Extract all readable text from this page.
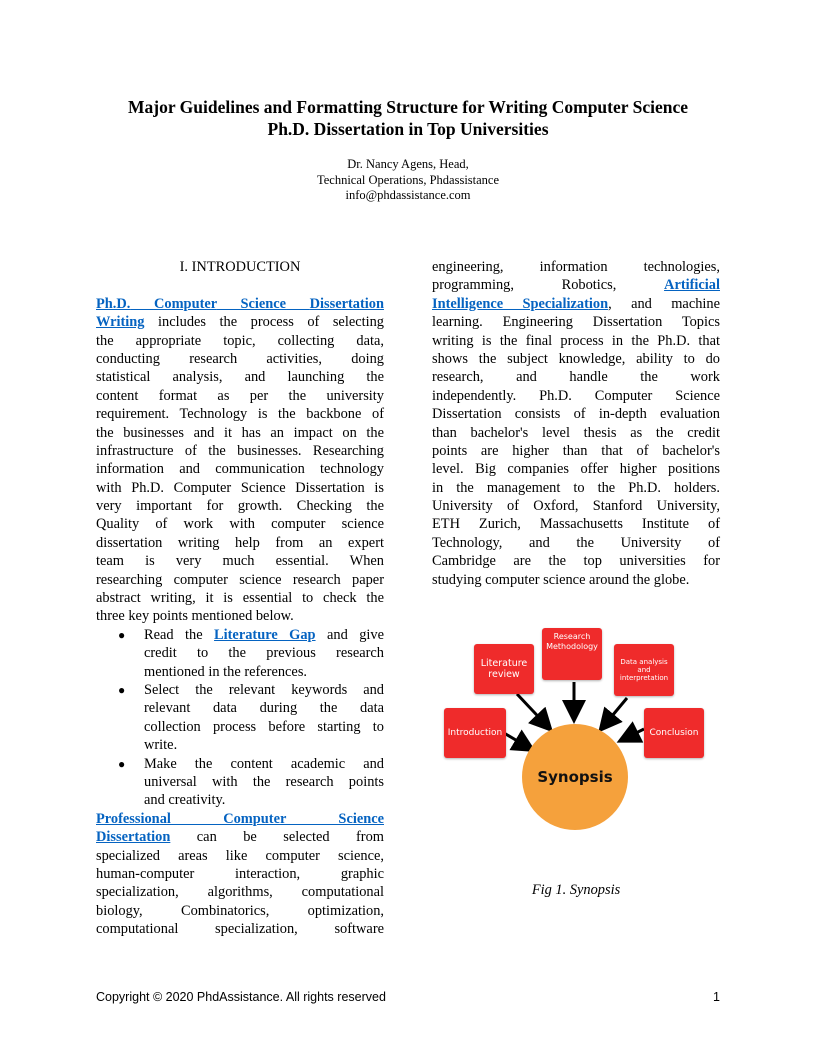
Major Guidelines and Formatting Structure for Writing Computer Science
Ph.D. Dissertation in Top Universities
Dr. Nancy Agens, Head,
Technical Operations, Phdassistance
info@phdassistance.com
I. INTRODUCTION
Ph.D. Computer Science Dissertation
Writing includes the process of selecting
the appropriate topic, collecting data,
conducting research activities, doing
statistical analysis, and launching the
content format as per the university
requirement. Technology is the backbone of
the businesses and it has an impact on the
infrastructure of the businesses. Researching
information and communication technology
with Ph.D. Computer Science Dissertation is
very important for growth. Checking the
Quality of work with computer science
dissertation writing help from an expert
team is very much essential. When
researching computer science research paper
abstract writing, it is essential to check the
three key points mentioned below.
● Read the Literature Gap and give
credit to the previous research
mentioned in the references.
● Select the relevant keywords and
relevant data during the data
collection process before starting to
write.
● Make the content academic and
universal with the research points
and creativity.
Professional Computer Science
Dissertation can be selected from
specialized areas like computer science,
human-computer interaction, graphic
specialization, algorithms, computational
biology, Combinatorics, optimization,
computational specialization, software
engineering, information technologies,
programming, Robotics,	Artificial
Intelligence Specialization, and machine
learning. Engineering Dissertation Topics
writing is the final process in the Ph.D. that
shows the subject knowledge, ability to do
research, and handle the work
independently. Ph.D. Computer Science
Dissertation consists of in-depth evaluation
than bachelor's level thesis as the credit
points are higher than that of bachelor's
level. Big companies offer higher positions
in the management to the Ph.D. holders.
University of Oxford, Stanford University,
ETH Zurich, Massachusetts Institute of
Technology, and the University of
Cambridge are the top universities for
studying computer science around the globe.
Literature review
Research Methodology
Data analysis and interpretation
Introduction	Conclusion
Synopsis
Fig 1. Synopsis
Copyright © 2020 PhdAssistance. All rights reserved	1
